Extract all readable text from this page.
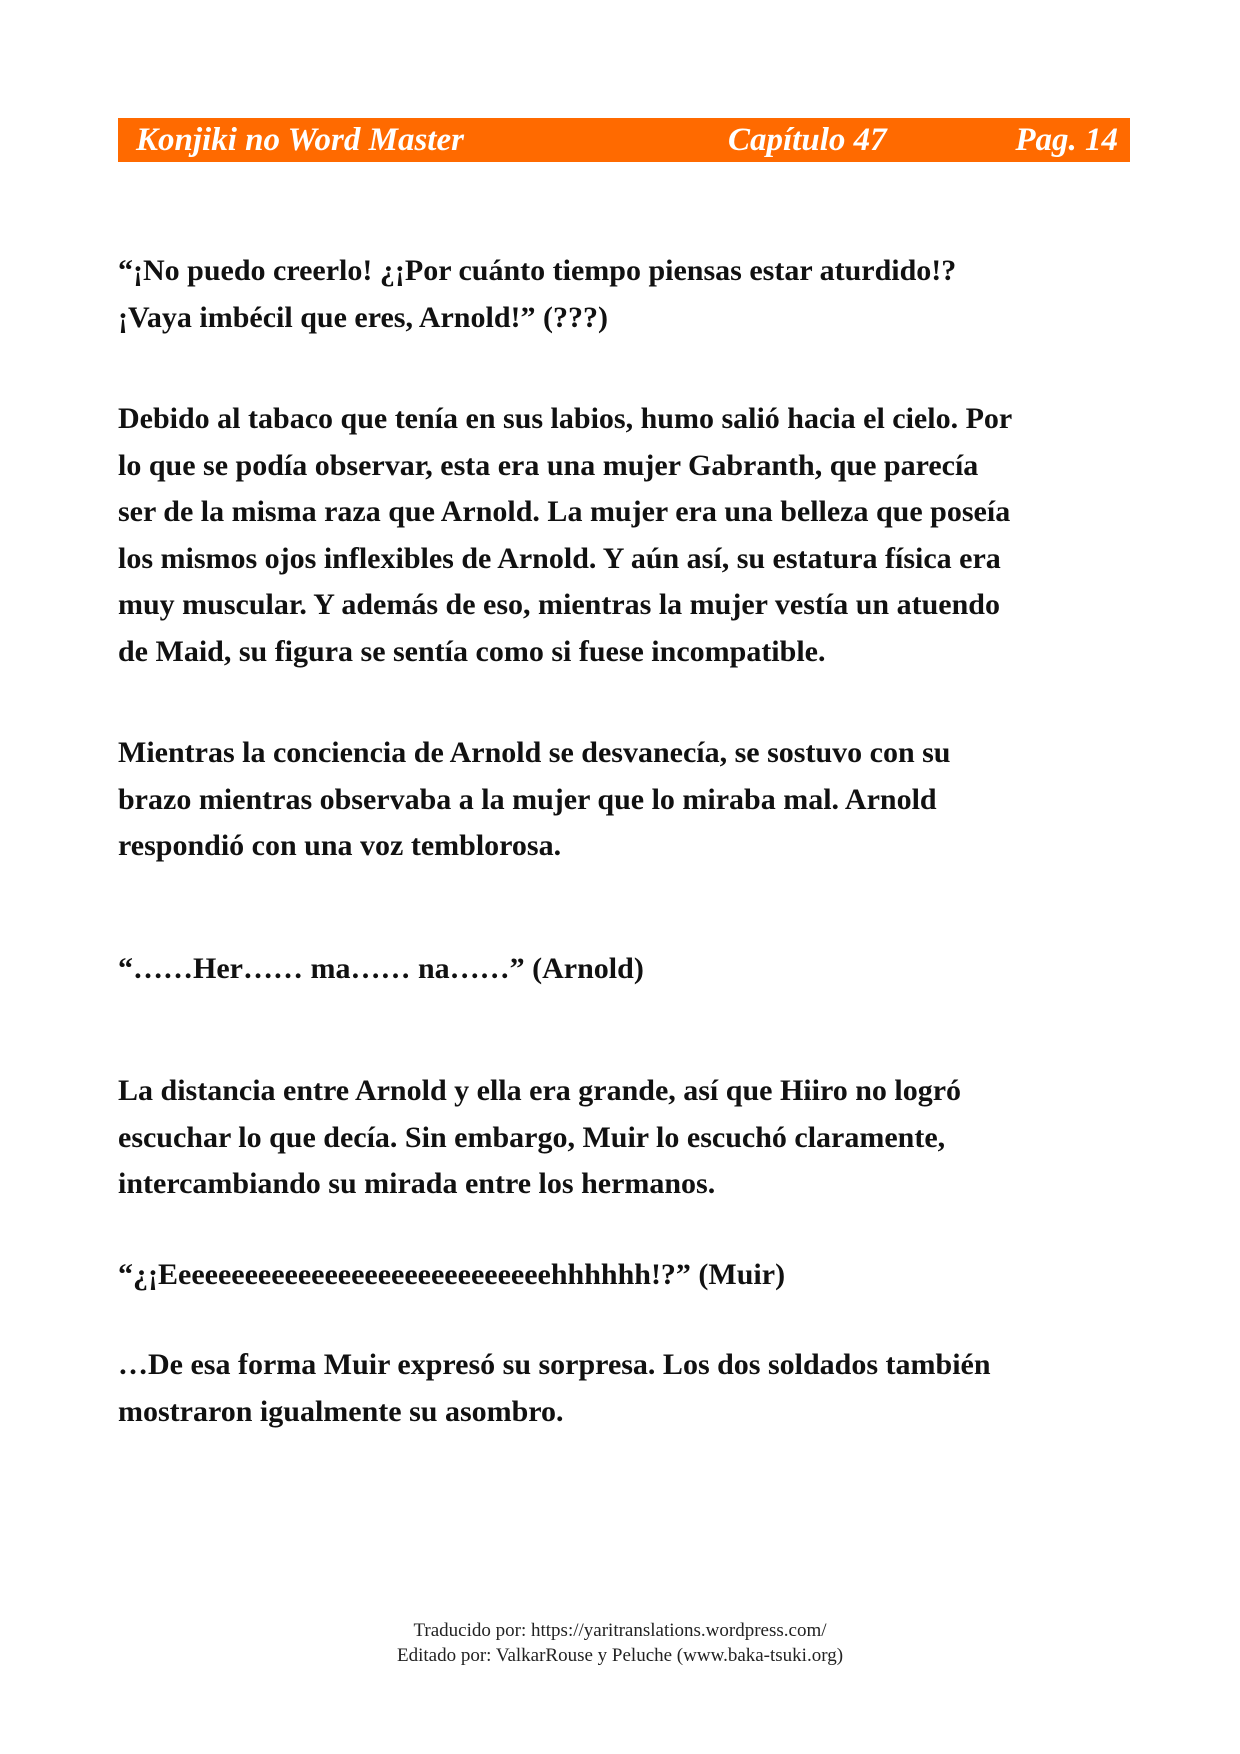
Konjiki no Word Master	Capítulo 47	Pag. 14

“¡No puedo creerlo! ¿¡Por cuánto tiempo piensas estar aturdido!?
¡Vaya imbécil que eres, Arnold!” (???)

Debido al tabaco que tenía en sus labios, humo salió hacia el cielo. Por
lo que se podía observar, esta era una mujer Gabranth, que parecía
ser de la misma raza que Arnold. La mujer era una belleza que poseía
los mismos ojos inflexibles de Arnold. Y aún así, su estatura física era
muy muscular. Y además de eso, mientras la mujer vestía un atuendo
de Maid, su figura se sentía como si fuese incompatible.

Mientras la conciencia de Arnold se desvanecía, se sostuvo con su
brazo mientras observaba a la mujer que lo miraba mal. Arnold
respondió con una voz temblorosa.

“……Her…… ma…… na……” (Arnold)

La distancia entre Arnold y ella era grande, así que Hiiro no logró
escuchar lo que decía. Sin embargo, Muir lo escuchó claramente,
intercambiando su mirada entre los hermanos.

“¿¡Eeeeeeeeeeeeeeeeeeeeeeeeeeeeehhhhhh!?” (Muir)

…De esa forma Muir expresó su sorpresa. Los dos soldados también
mostraron igualmente su asombro.

Traducido por: https://yaritranslations.wordpress.com/
Editado por: ValkarRouse y Peluche (www.baka-tsuki.org)
